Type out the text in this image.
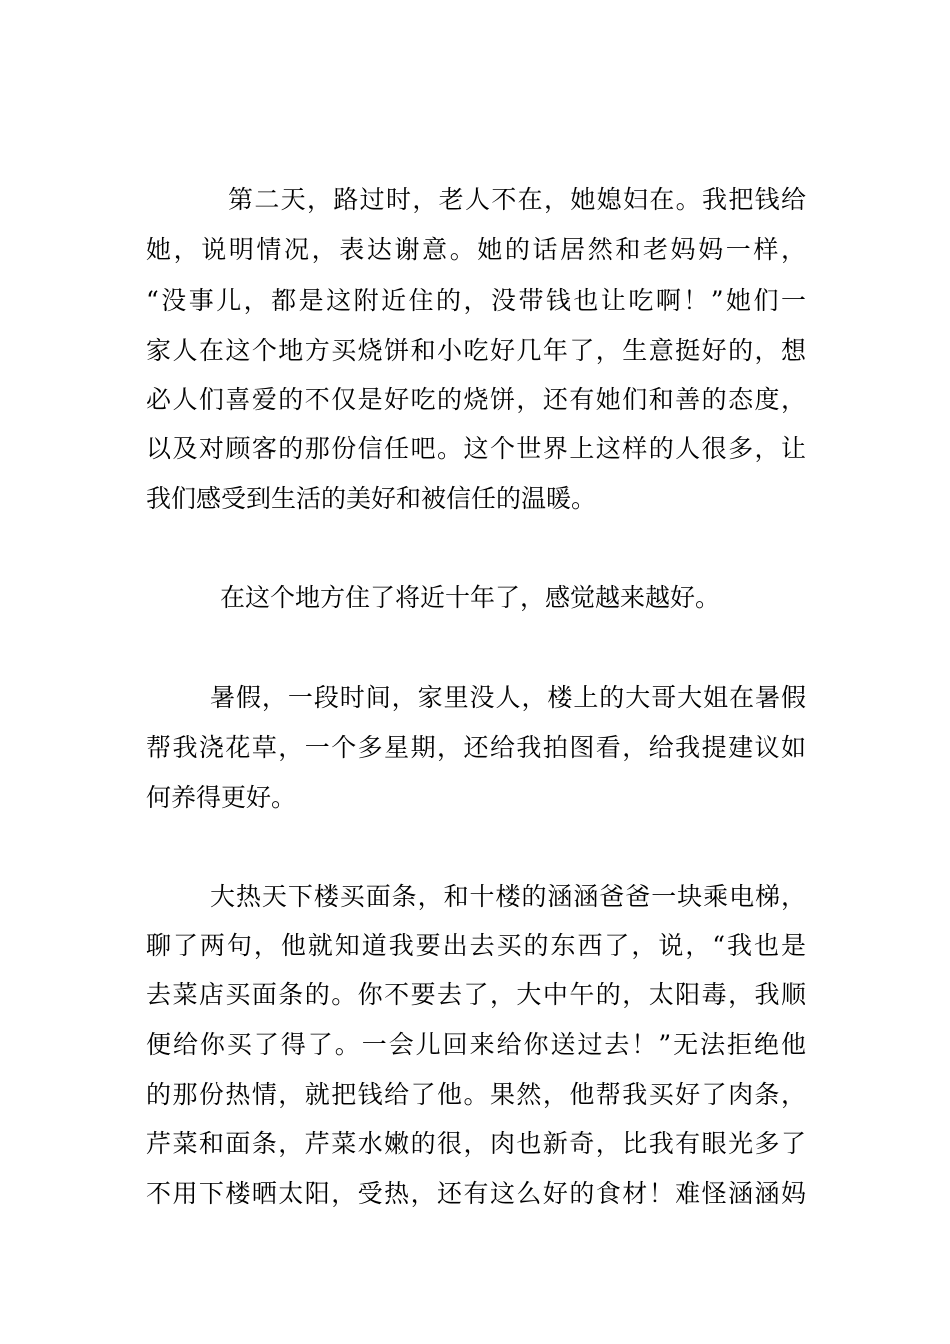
第二天，路过时，老人不在，她媳妇在。我把钱给
她，说明情况，表达谢意。她的话居然和老妈妈一样，
“没事儿，都是这附近住的，没带钱也让吃啊！”她们一
家人在这个地方买烧饼和小吃好几年了，生意挺好的，想
必人们喜爱的不仅是好吃的烧饼，还有她们和善的态度，
以及对顾客的那份信任吧。这个世界上这样的人很多，让
我们感受到生活的美好和被信任的温暖。
在这个地方住了将近十年了，感觉越来越好。
暑假，一段时间，家里没人，楼上的大哥大姐在暑假
帮我浇花草，一个多星期，还给我拍图看，给我提建议如
何养得更好。
大热天下楼买面条，和十楼的涵涵爸爸一块乘电梯，
聊了两句，他就知道我要出去买的东西了，说，“我也是
去菜店买面条的。你不要去了，大中午的，太阳毒，我顺
便给你买了得了。一会儿回来给你送过去！”无法拒绝他
的那份热情，就把钱给了他。果然，他帮我买好了肉条，
芹菜和面条，芹菜水嫩的很，肉也新奇，比我有眼光多了
不用下楼晒太阳，受热，还有这么好的食材！难怪涵涵妈
